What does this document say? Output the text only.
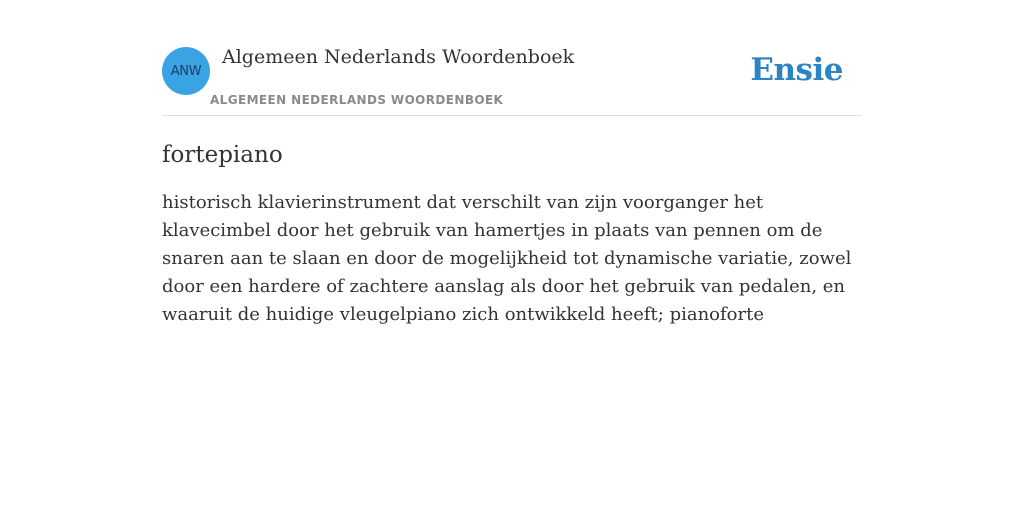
ANW
Algemeen Nederlands Woordenboek
ALGEMEEN NEDERLANDS WOORDENBOEK
Ensie
fortepiano
historisch klavierinstrument dat verschilt van zijn voorganger het klavecimbel door het gebruik van hamertjes in plaats van pennen om de snaren aan te slaan en door de mogelijkheid tot dynamische variatie, zowel door een hardere of zachtere aanslag als door het gebruik van pedalen, en waaruit de huidige vleugelpiano zich ontwikkeld heeft; pianoforte
